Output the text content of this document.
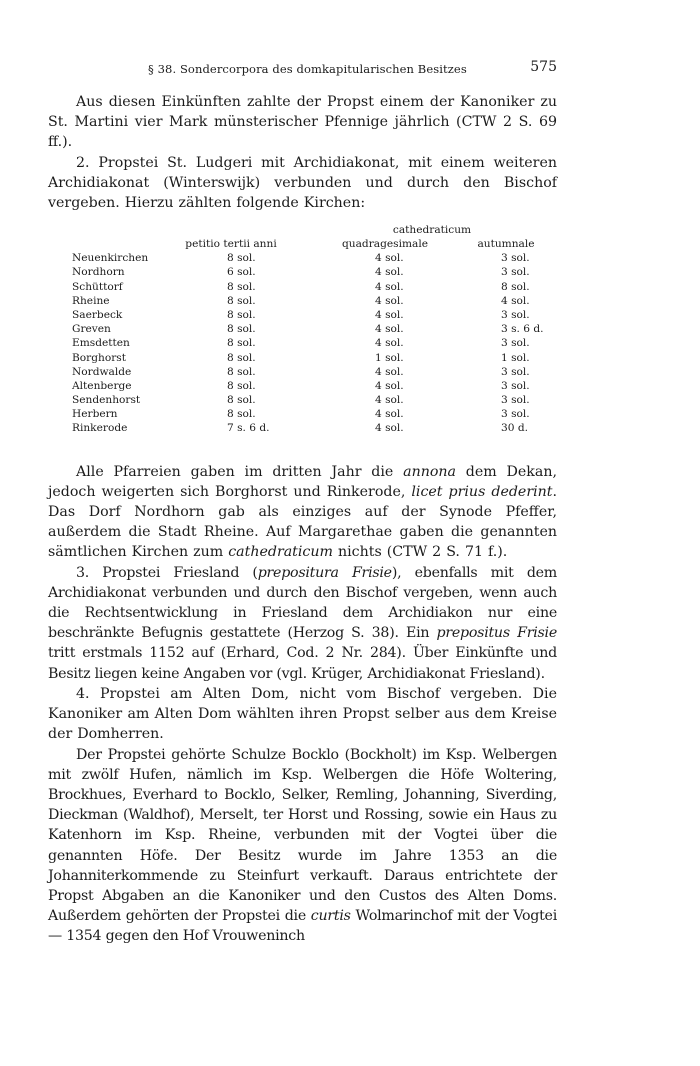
§ 38. Sondercorpora des domkapitularischen Besitzes	575

Aus diesen Einkünften zahlte der Propst einem der Kanoniker zu St. Martini vier Mark münsterischer Pfennige jährlich (CTW 2 S. 69 ff.).

2. Propstei St. Ludgeri mit Archidiakonat, mit einem weiteren Archidiakonat (Winterswijk) verbunden und durch den Bischof vergeben. Hierzu zählten folgende Kirchen:

cathedraticum
petitio tertii anni	quadragesimale	autumnale
Neuenkirchen	8 sol.	4 sol.	3 sol.
Nordhorn	6 sol.	4 sol.	3 sol.
Schüttorf	8 sol.	4 sol.	8 sol.
Rheine	8 sol.	4 sol.	4 sol.
Saerbeck	8 sol.	4 sol.	3 sol.
Greven	8 sol.	4 sol.	3 s. 6 d.
Emsdetten	8 sol.	4 sol.	3 sol.
Borghorst	8 sol.	1 sol.	1 sol.
Nordwalde	8 sol.	4 sol.	3 sol.
Altenberge	8 sol.	4 sol.	3 sol.
Sendenhorst	8 sol.	4 sol.	3 sol.
Herbern	8 sol.	4 sol.	3 sol.
Rinkerode	7 s. 6 d.	4 sol.	30 d.

Alle Pfarreien gaben im dritten Jahr die annona dem Dekan, jedoch weigerten sich Borghorst und Rinkerode, licet prius dederint. Das Dorf Nordhorn gab als einziges auf der Synode Pfeffer, außerdem die Stadt Rheine. Auf Margarethae gaben die genannten sämtlichen Kirchen zum cathedraticum nichts (CTW 2 S. 71 f.).

3. Propstei Friesland (prepositura Frisie), ebenfalls mit dem Archidiakonat verbunden und durch den Bischof vergeben, wenn auch die Rechtsentwicklung in Friesland dem Archidiakon nur eine beschränkte Befugnis gestattete (Herzog S. 38). Ein prepositus Frisie tritt erstmals 1152 auf (Erhard, Cod. 2 Nr. 284). Über Einkünfte und Besitz liegen keine Angaben vor (vgl. Krüger, Archidiakonat Friesland).

4. Propstei am Alten Dom, nicht vom Bischof vergeben. Die Kanoniker am Alten Dom wählten ihren Propst selber aus dem Kreise der Domherren.

Der Propstei gehörte Schulze Bocklo (Bockholt) im Ksp. Welbergen mit zwölf Hufen, nämlich im Ksp. Welbergen die Höfe Woltering, Brockhues, Everhard to Bocklo, Selker, Remling, Johanning, Siverding, Dieckman (Waldhof), Merselt, ter Horst und Rossing, sowie ein Haus zu Katenhorn im Ksp. Rheine, verbunden mit der Vogtei über die genannten Höfe. Der Besitz wurde im Jahre 1353 an die Johanniterkommende zu Steinfurt verkauft. Daraus entrichtete der Propst Abgaben an die Kanoniker und den Custos des Alten Doms. Außerdem gehörten der Propstei die curtis Wolmarinchof mit der Vogtei — 1354 gegen den Hof Vrouweninch
